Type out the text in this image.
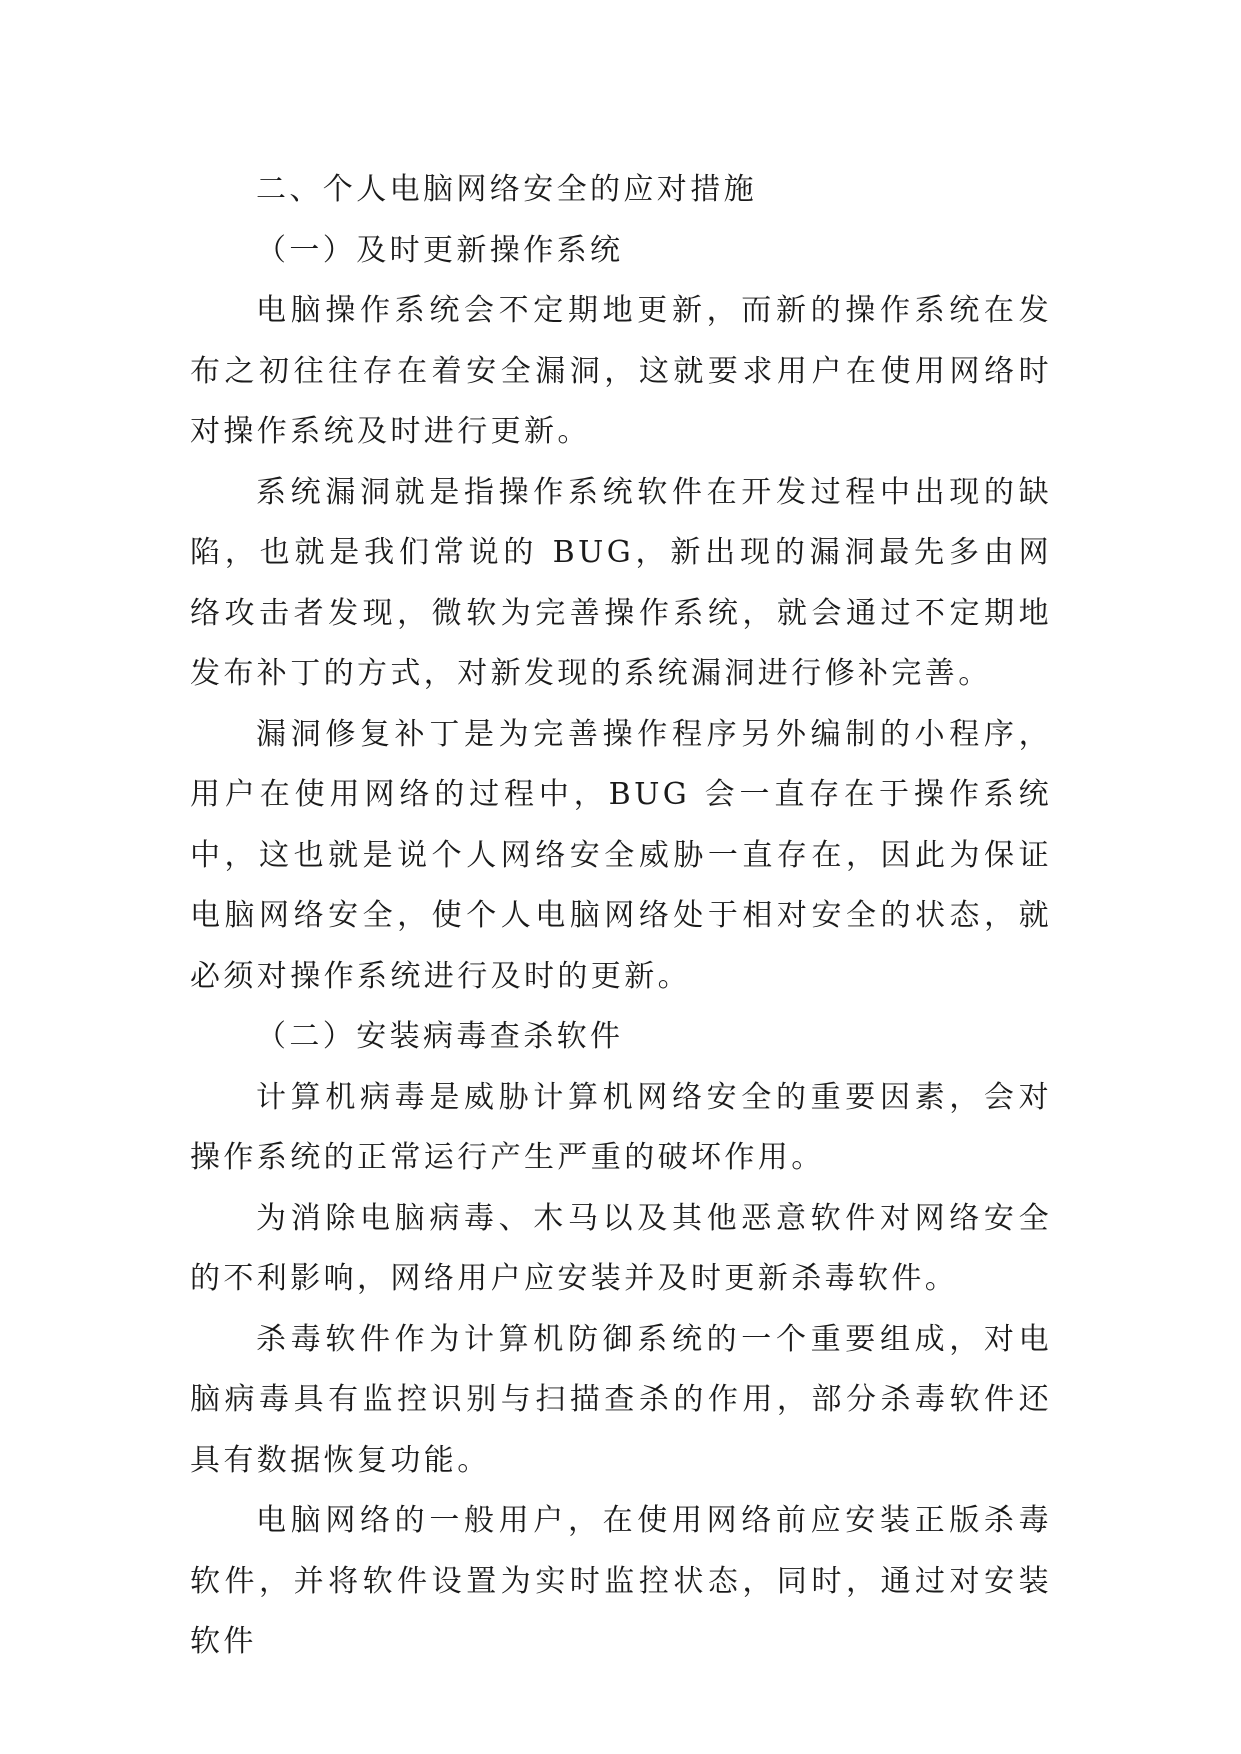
二、个人电脑网络安全的应对措施

（一）及时更新操作系统

电脑操作系统会不定期地更新，而新的操作系统在发布之初往往存在着安全漏洞，这就要求用户在使用网络时对操作系统及时进行更新。

系统漏洞就是指操作系统软件在开发过程中出现的缺陷，也就是我们常说的 BUG，新出现的漏洞最先多由网络攻击者发现，微软为完善操作系统，就会通过不定期地发布补丁的方式，对新发现的系统漏洞进行修补完善。

漏洞修复补丁是为完善操作程序另外编制的小程序，用户在使用网络的过程中，BUG 会一直存在于操作系统中，这也就是说个人网络安全威胁一直存在，因此为保证电脑网络安全，使个人电脑网络处于相对安全的状态，就必须对操作系统进行及时的更新。

（二）安装病毒查杀软件

计算机病毒是威胁计算机网络安全的重要因素，会对操作系统的正常运行产生严重的破坏作用。

为消除电脑病毒、木马以及其他恶意软件对网络安全的不利影响，网络用户应安装并及时更新杀毒软件。

杀毒软件作为计算机防御系统的一个重要组成，对电脑病毒具有监控识别与扫描查杀的作用，部分杀毒软件还具有数据恢复功能。

电脑网络的一般用户，在使用网络前应安装正版杀毒软件，并将软件设置为实时监控状态，同时，通过对安装软件
